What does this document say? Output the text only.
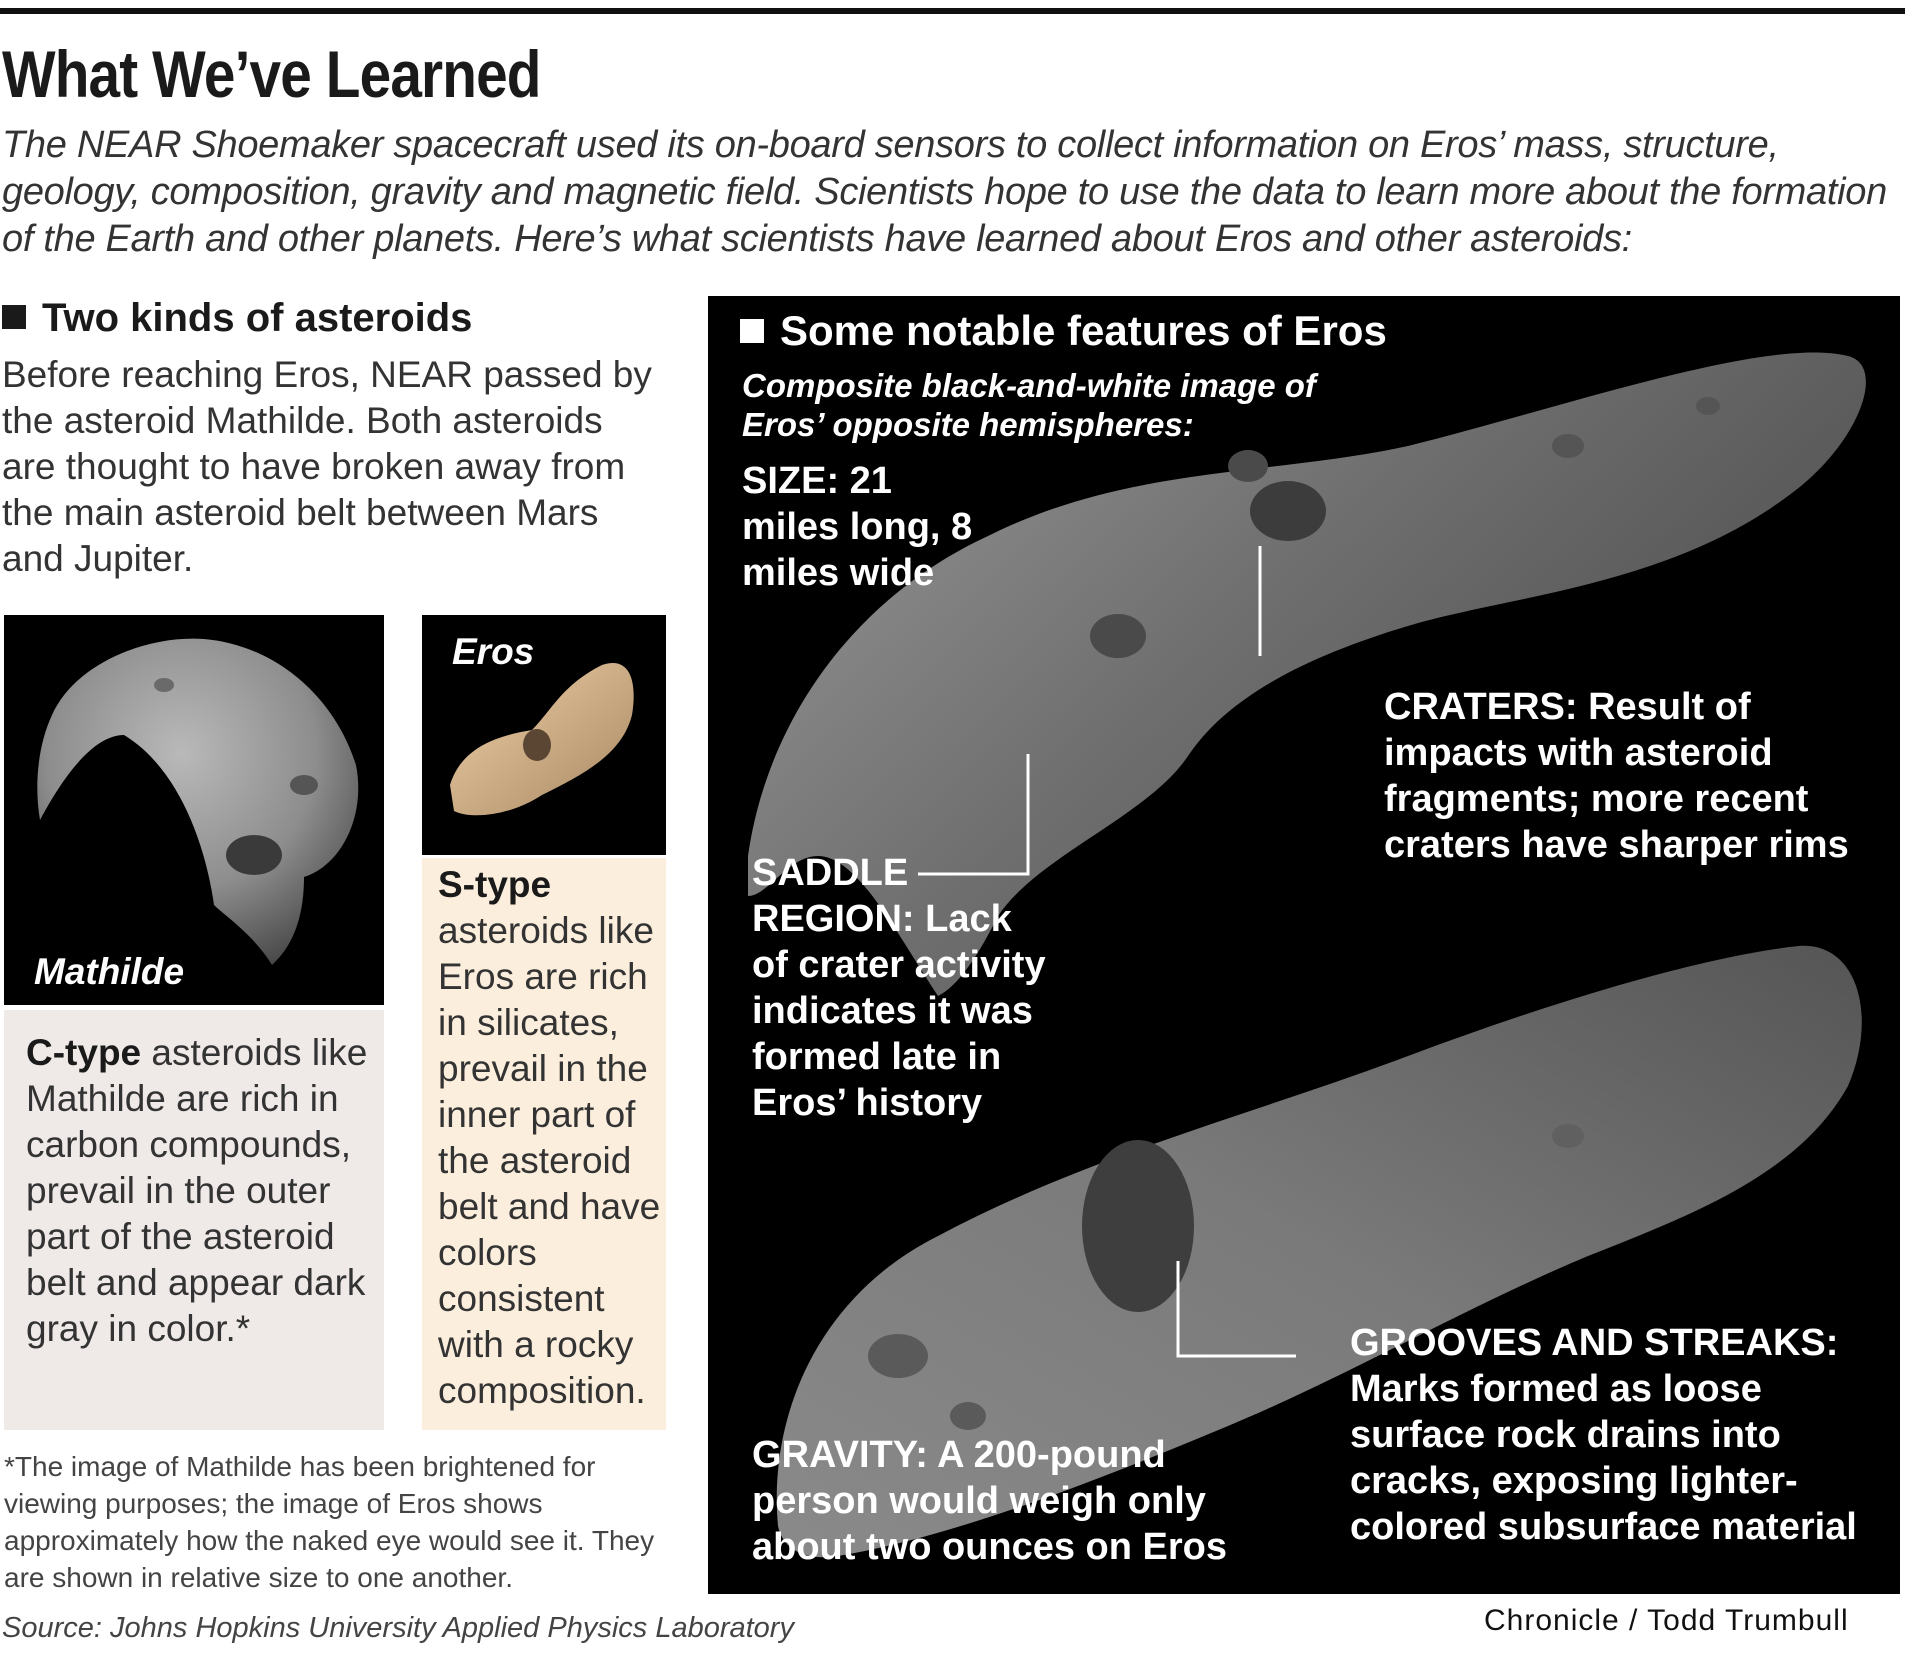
What We’ve Learned
The NEAR Shoemaker spacecraft used its on-board sensors to collect information on Eros’ mass, structure, geology, composition, gravity and magnetic field. Scientists hope to use the data to learn more about the formation of the Earth and other planets. Here’s what scientists have learned about Eros and other asteroids:
Two kinds of asteroids
Before reaching Eros, NEAR passed by the asteroid Mathilde. Both asteroids are thought to have broken away from the main asteroid belt between Mars and Jupiter.
Mathilde
Eros
C-type asteroids like Mathilde are rich in carbon compounds, prevail in the outer part of the asteroid belt and appear dark gray in color.*
S-type asteroids like Eros are rich in silicates, prevail in the inner part of the asteroid belt and have colors consistent with a rocky composition.
*The image of Mathilde has been brightened for viewing purposes; the image of Eros shows approximately how the naked eye would see it. They are shown in relative size to one another.
Source: Johns Hopkins University Applied Physics Laboratory	Chronicle / Todd Trumbull
Some notable features of Eros
Composite black-and-white image of Eros’ opposite hemispheres:
SIZE: 21 miles long, 8 miles wide
CRATERS: Result of impacts with asteroid fragments; more recent craters have sharper rims
SADDLE REGION: Lack of crater activity indicates it was formed late in Eros’ history
GROOVES AND STREAKS: Marks formed as loose surface rock drains into cracks, exposing lighter-colored subsurface material
GRAVITY: A 200-pound person would weigh only about two ounces on Eros
